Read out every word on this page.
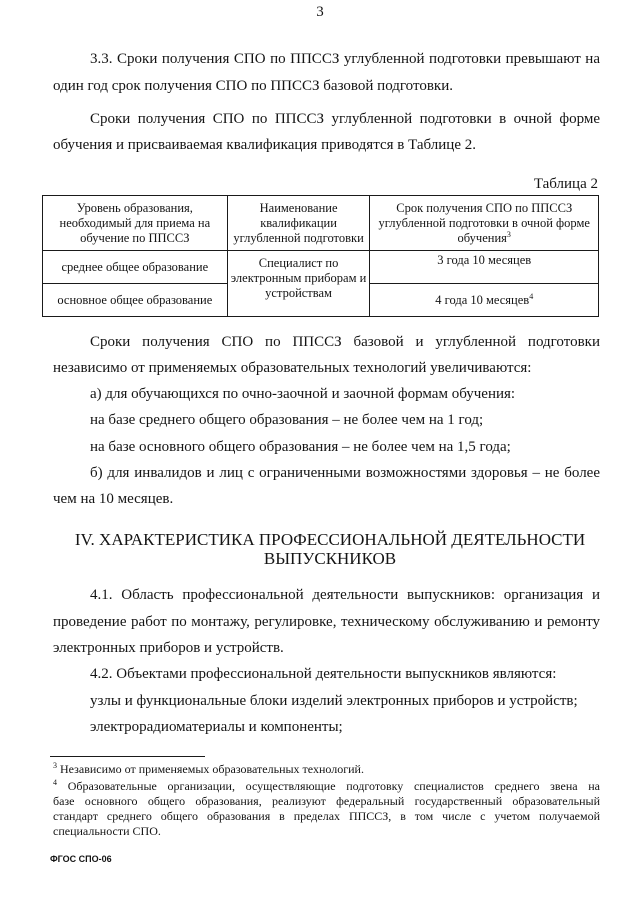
3
3.3. Сроки получения СПО по ППССЗ углубленной подготовки превышают на
один год срок получения СПО по ППССЗ базовой подготовки.
Сроки получения СПО по ППССЗ углубленной подготовки в очной форме
обучения и присваиваемая квалификация приводятся в Таблице 2.
Таблица 2
Уровень образования, необходимый для приема на обучение по ППССЗ	Наименование квалификации углубленной подготовки	Срок получения СПО по ППССЗ углубленной подготовки в очной форме обучения$^3$
среднее общее образование	Специалист по электронным приборам и устройствам	3 года 10 месяцев
основное общее образование		4 года 10 месяцев$^4$
Сроки получения СПО по ППССЗ базовой и углубленной подготовки
независимо от применяемых образовательных технологий увеличиваются:
а) для обучающихся по очно-заочной и заочной формам обучения:
на базе среднего общего образования – не более чем на 1 год;
на базе основного общего образования – не более чем на 1,5 года;
б) для инвалидов и лиц с ограниченными возможностями здоровья – не более
чем на 10 месяцев.
IV. ХАРАКТЕРИСТИКА ПРОФЕССИОНАЛЬНОЙ ДЕЯТЕЛЬНОСТИ
ВЫПУСКНИКОВ
4.1. Область профессиональной деятельности выпускников: организация и
проведение работ по монтажу, регулировке, техническому обслуживанию и ремонту
электронных приборов и устройств.
4.2. Объектами профессиональной деятельности выпускников являются:
узлы и функциональные блоки изделий электронных приборов и устройств;
электрорадиоматериалы и компоненты;
$^3$ Независимо от применяемых образовательных технологий.
$^4$ Образовательные организации, осуществляющие подготовку специалистов среднего звена на
базе основного общего образования, реализуют федеральный государственный образовательный
стандарт среднего общего образования в пределах ППССЗ, в том числе с учетом получаемой
специальности СПО.
ФГОС СПО-06
